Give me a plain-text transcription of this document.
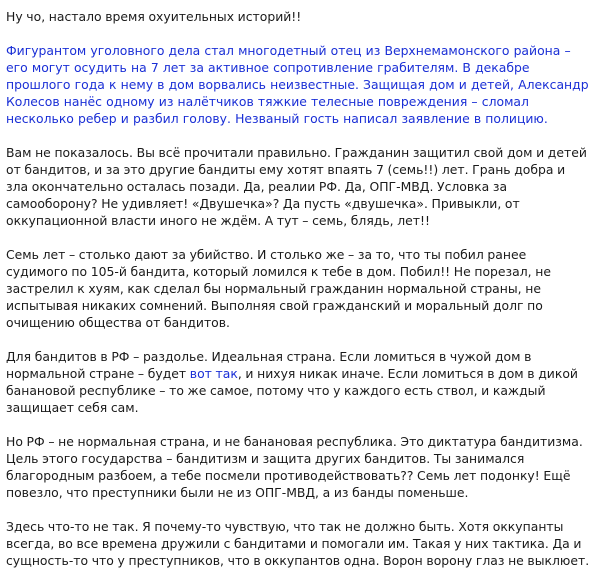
Ну чо, настало время охуительных историй!!

Фигурантом уголовного дела стал многодетный отец из Верхнемамонского района – его могут осудить на 7 лет за активное сопротивление грабителям. В декабре прошлого года к нему в дом ворвались неизвестные. Защищая дом и детей, Александр Колесов нанёс одному из налётчиков тяжкие телесные повреждения – сломал несколько ребер и разбил голову. Незваный гость написал заявление в полицию.

Вам не показалось. Вы всё прочитали правильно. Гражданин защитил свой дом и детей от бандитов, и за это другие бандиты ему хотят впаять 7 (семь!!) лет. Грань добра и зла окончательно осталась позади. Да, реалии РФ. Да, ОПГ-МВД. Условка за самооборону? Не удивляет! «Двушечка»? Да пусть «двушечка». Привыкли, от оккупационной власти иного не ждём. А тут – семь, блядь, лет!!

Семь лет – столько дают за убийство. И столько же – за то, что ты побил ранее судимого по 105-й бандита, который ломился к тебе в дом. Побил!! Не порезал, не застрелил к хуям, как сделал бы нормальный гражданин нормальной страны, не испытывая никаких сомнений. Выполняя свой гражданский и моральный долг по очищению общества от бандитов.

Для бандитов в РФ – раздолье. Идеальная страна. Если ломиться в чужой дом в нормальной стране – будет вот так, и нихуя никак иначе. Если ломиться в дом в дикой банановой республике – то же самое, потому что у каждого есть ствол, и каждый защищает себя сам.

Но РФ – не нормальная страна, и не банановая республика. Это диктатура бандитизма. Цель этого государства – бандитизм и защита других бандитов. Ты занимался благородным разбоем, а тебе посмели противодействовать?? Семь лет подонку! Ещё повезло, что преступники были не из ОПГ-МВД, а из банды поменьше.

Здесь что-то не так. Я почему-то чувствую, что так не должно быть. Хотя оккупанты всегда, во все времена дружили с бандитами и помогали им. Такая у них тактика. Да и сущность-то что у преступников, что в оккупантов одна. Ворон ворону глаз не выклюет.
